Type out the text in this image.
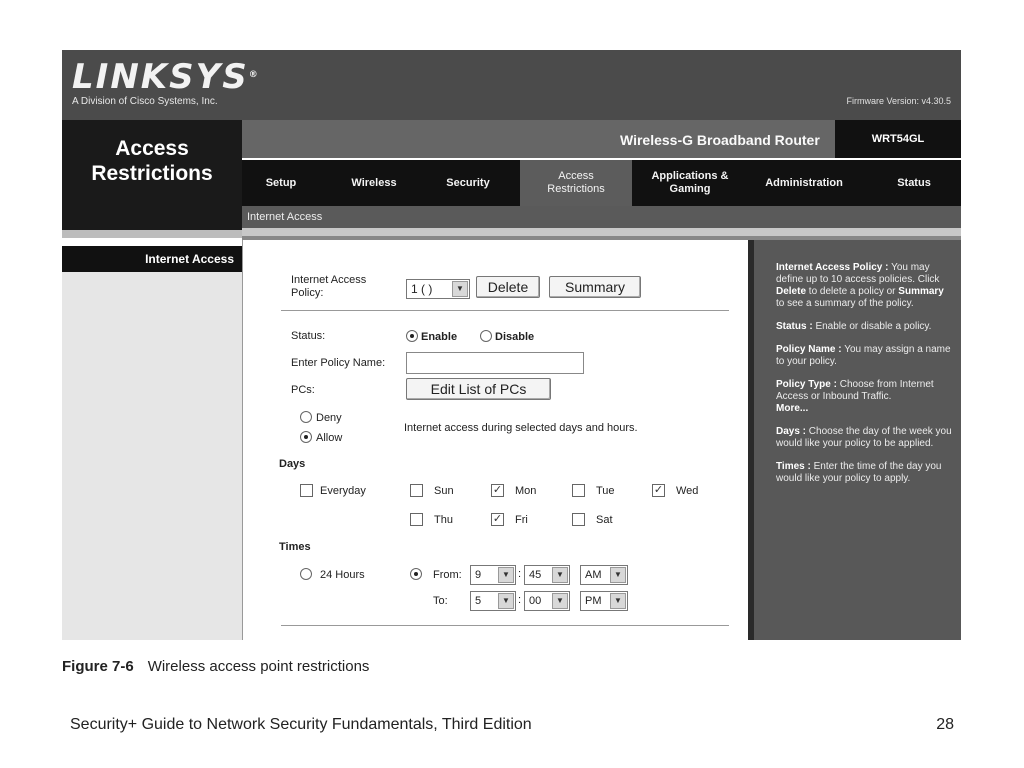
LINKSYS®
A Division of Cisco Systems, Inc.	Firmware Version: v4.30.5
Access
Restrictions
Internet Access
Wireless-G Broadband Router	WRT54GL
Setup	Wireless	Security
Access Restrictions
Applications & Gaming
Administration	Status
Internet Access
Internet Access Policy:	1 ( )	▼	Delete	Summary
Status:	Enable	Disable
Enter Policy Name:
PCs:	Edit List of PCs
Deny
Allow
Internet access during selected days and hours.
Days
Everyday	Sun	✓ Mon	Tue	✓ Wed
Thu	✓ Fri	Sat
Times
24 Hours	From: 9	▼ : 45	▼	AM	▼
To: 5	▼ : 00	▼	PM	▼

Internet Access Policy : You may define up to 10 access policies. Click Delete to delete a policy or Summary to see a summary of the policy.

Status : Enable or disable a policy.

Policy Name : You may assign a name to your policy.

Policy Type : Choose from Internet Access or Inbound Traffic.
More...

Days : Choose the day of the week you would like your policy to be applied.

Times : Enter the time of the day you would like your policy to apply.

Figure 7-6 Wireless access point restrictions
Security+ Guide to Network Security Fundamentals, Third Edition	28
